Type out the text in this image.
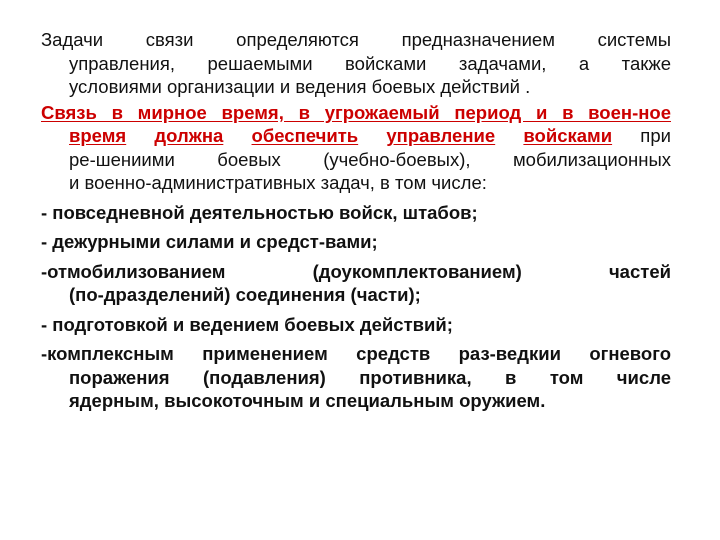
Задачи связи определяются предназначением системы
управления, решаемыми войсками задачами, а также
условиями организации и ведения боевых действий .
Связь в мирное время, в угрожаемый период и в воен-ное
время должна обеспечить управление войсками при
ре-шениими боевых (учебно-боевых), мобилизационных
и военно-административных задач, в том числе:
- повседневной деятельностью войск, штабов;
- дежурными силами и средст-вами;
-отмобилизованием (доукомплектованием) частей
(по-дразделений) соединения (части);
- подготовкой и ведением боевых действий;
-комплексным применением средств раз-ведкии огневого
поражения (подавления) противника, в том числе
ядерным, высокоточным и специальным оружием.
